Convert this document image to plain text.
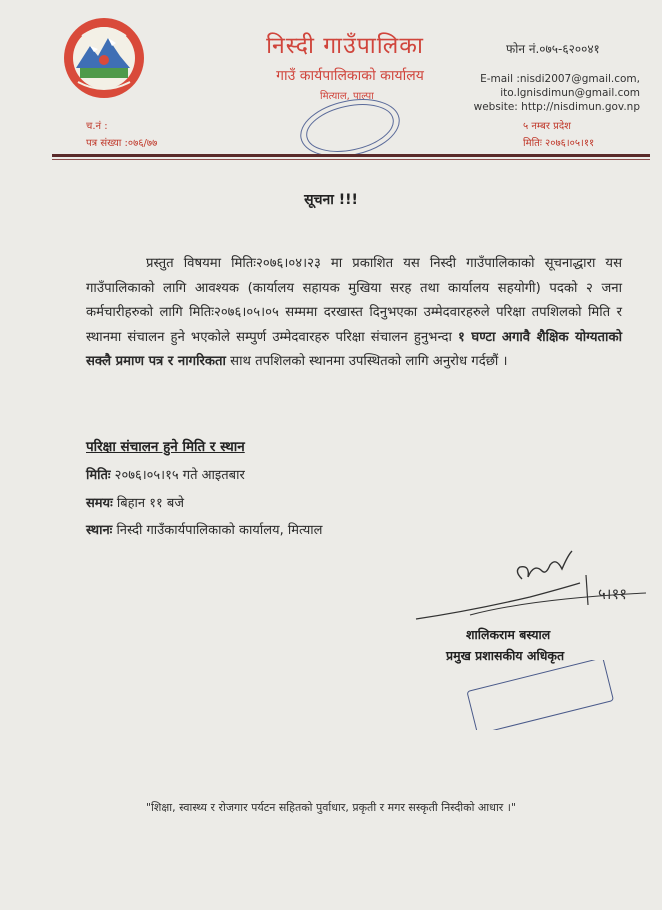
निस्दी गाउँपालिका
गाउँ कार्यपालिकाको कार्यालय
मित्याल, पाल्पा
फोन नं.०७५-६२००४१
E-mail :nisdi2007@gmail.com,
ito.lgnisdimun@gmail.com
website: http://nisdimun.gov.np
च.नं :
पत्र संख्या :०७६/७७
५ नम्बर प्रदेश
मितिः २०७६।०५।११
सूचना !!!

प्रस्तुत विषयमा मितिः२०७६।०४।२३ मा प्रकाशित यस निस्दी गाउँपालिकाको सूचनाद्धारा यस गाउँपालिकाको लागि आवश्यक (कार्यालय सहायक मुखिया सरह तथा कार्यालय सहयोगी) पदको २ जना कर्मचारीहरुको लागि मितिः२०७६।०५।०५ सम्ममा दरखास्त दिनुभएका उम्मेदवारहरुले परिक्षा तपशिलको मिति र स्थानमा संचालन हुने भएकोले सम्पुर्ण उम्मेदवारहरु परिक्षा संचालन हुनुभन्दा १ घण्टा अगावै शैक्षिक योग्यताको सक्लै प्रमाण पत्र र नागरिकता साथ तपशिलको स्थानमा उपस्थितको लागि अनुरोध गर्दछौं ।

परिक्षा संचालन हुने मिति र स्थान
मितिः २०७६।०५।१५ गते आइतबार
समयः बिहान ११ बजे
स्थानः निस्दी गाउँकार्यपालिकाको कार्यालय, मित्याल
५।११
शालिकराम बस्याल
प्रमुख प्रशासकीय अधिकृत
"शिक्षा, स्वास्थ्य र रोजगार पर्यटन सहितको पुर्वाधार, प्रकृती र मगर सस्कृती निस्दीको आधार ।"
